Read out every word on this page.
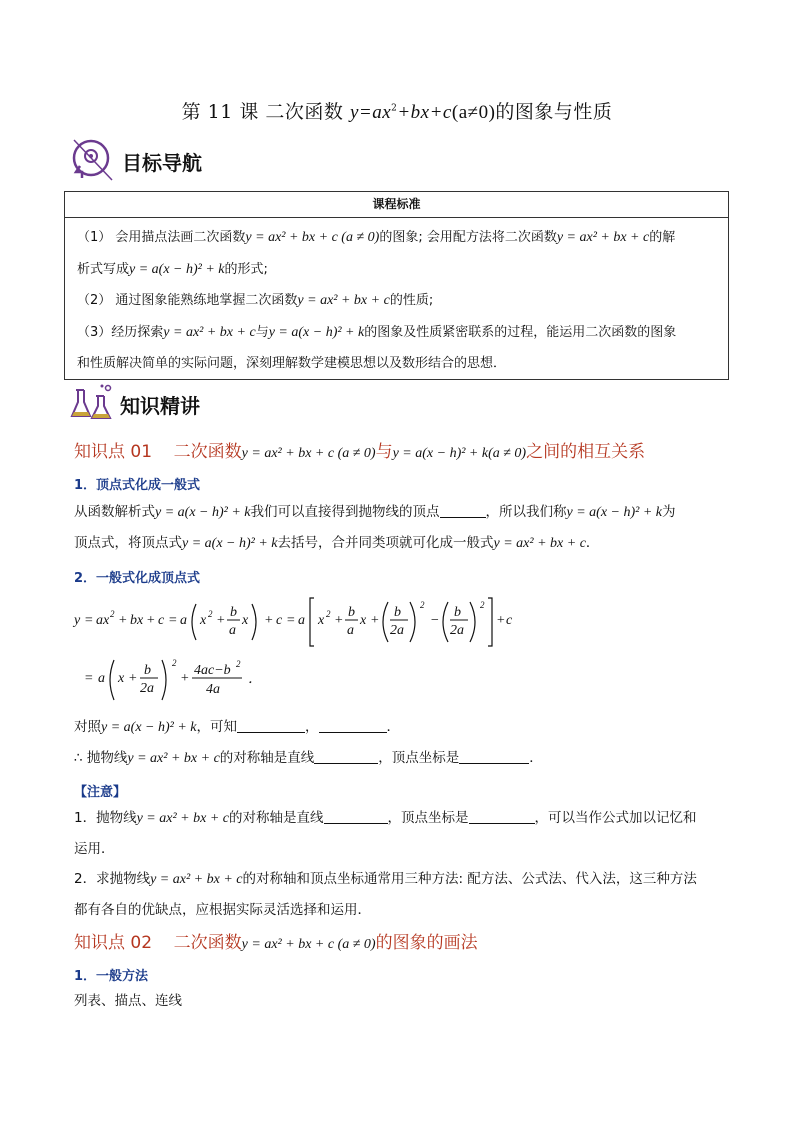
第 11 课 二次函数 $y=ax^2+bx+c(a\ne 0)$的图象与性质
目标导航
课程标准
（1） 会用描点法画二次函数y = ax² + bx + c (a ≠ 0)的图象; 会用配方法将二次函数y = ax² + bx + c的解
析式写成y = a(x − h)² + k的形式;
（2） 通过图象能熟练地掌握二次函数y = ax² + bx + c的性质;
（3）经历探索y = ax² + bx + c与y = a(x − h)² + k的图象及性质紧密联系的过程，能运用二次函数的图象
和性质解决简单的实际问题，深刻理解数学建模思想以及数形结合的思想．
知识精讲
知识点 01 二次函数y = ax² + bx + c (a ≠ 0)与y = a(x − h)² + k(a ≠ 0)之间的相互关系
1．顶点式化成一般式
从函数解析式y = a(x − h)² + k我们可以直接得到抛物线的顶点	，所以我们称y = a(x − h)² + k为
顶点式，将顶点式y = a(x − h)² + k去括号，合并同类项就可化成一般式y = ax² + bx + c．
2．一般式化成顶点式
y = ax 2 + bx + c = a x 2 +
b
a
x + c = a x 2 +
b
a
x +
b
2a
2
−
b
2a
2
+ c
= a x +
b
2a
2
+
4ac−b 2
4a
．
对照y = a(x − h)² + k，可知	，	．
∴ 抛物线y = ax² + bx + c的对称轴是直线	，顶点坐标是	．
【注意】
1．抛物线y = ax² + bx + c的对称轴是直线	，顶点坐标是	，可以当作公式加以记忆和
运用．
2．求抛物线y = ax² + bx + c的对称轴和顶点坐标通常用三种方法: 配方法、公式法、代入法，这三种方法
都有各自的优缺点，应根据实际灵活选择和运用．
知识点 02 二次函数y = ax² + bx + c (a ≠ 0)的图象的画法
1．一般方法
列表、描点、连线
